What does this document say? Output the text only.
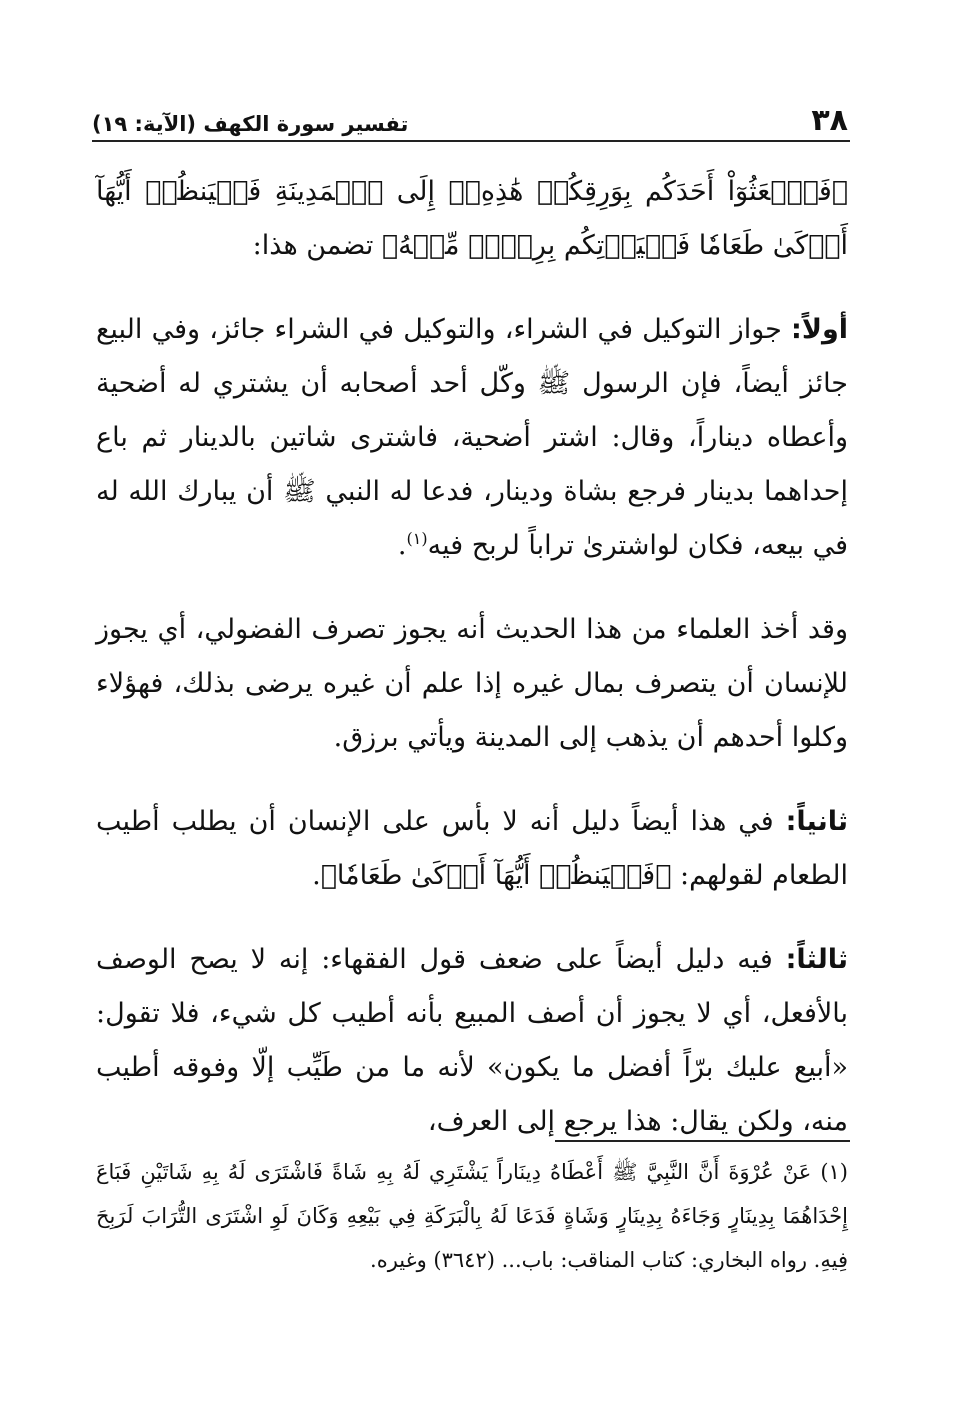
٣٨
تفسير سورة الكهف (الآية: ١٩)

﴿فَٱبۡعَثُوٓاْ أَحَدَكُم بِوَرِقِكُمۡ هَٰذِهِۦٓ إِلَى ٱلۡمَدِينَةِ فَلۡيَنظُرۡ أَيُّهَآ أَزۡكَىٰ طَعَامٗا فَلۡيَأۡتِكُم بِرِزۡقٖ مِّنۡهُ﴾ تضمن هذا:

أولاً: جواز التوكيل في الشراء، والتوكيل في الشراء جائز، وفي البيع جائز أيضاً، فإن الرسول ﷺ وكّل أحد أصحابه أن يشتري له أضحية وأعطاه ديناراً، وقال: اشتر أضحية، فاشترى شاتين بالدينار ثم باع إحداهما بدينار فرجع بشاة ودينار، فدعا له النبي ﷺ أن يبارك الله له في بيعه، فكان لواشترىٰ تراباً لربح فيه$^{(١)}$.

وقد أخذ العلماء من هذا الحديث أنه يجوز تصرف الفضولي، أي يجوز للإنسان أن يتصرف بمال غيره إذا علم أن غيره يرضى بذلك، فهؤلاء وكلوا أحدهم أن يذهب إلى المدينة ويأتي برزق.

ثانياً: في هذا أيضاً دليل أنه لا بأس على الإنسان أن يطلب أطيب الطعام لقولهم: ﴿فَلۡيَنظُرۡ أَيُّهَآ أَزۡكَىٰ طَعَامٗا﴾.

ثالثاً: فيه دليل أيضاً على ضعف قول الفقهاء: إنه لا يصح الوصف بالأفعل، أي لا يجوز أن أصف المبيع بأنه أطيب كل شيء، فلا تقول: «أبيع عليك برّاً أفضل ما يكون» لأنه ما من طَيِّب إلّا وفوقه أطيب منه، ولكن يقال: هذا يرجع إلى العرف،

(١) عَنْ عُرْوَةَ أَنَّ النَّبِيَّ ﷺ أَعْطَاهُ دِينَاراً يَشْتَرِي لَهُ بِهِ شَاةً فَاشْتَرَى لَهُ بِهِ شَاتَيْنِ فَبَاعَ إِحْدَاهُمَا بِدِينَارٍ وَجَاءَهُ بِدِينَارٍ وَشَاةٍ فَدَعَا لَهُ بِالْبَرَكَةِ فِي بَيْعِهِ وَكَانَ لَوِ اشْتَرَى التُّرَابَ لَرَبِحَ فِيهِ. رواه البخاري: كتاب المناقب: باب... (٣٦٤٢) وغيره.
